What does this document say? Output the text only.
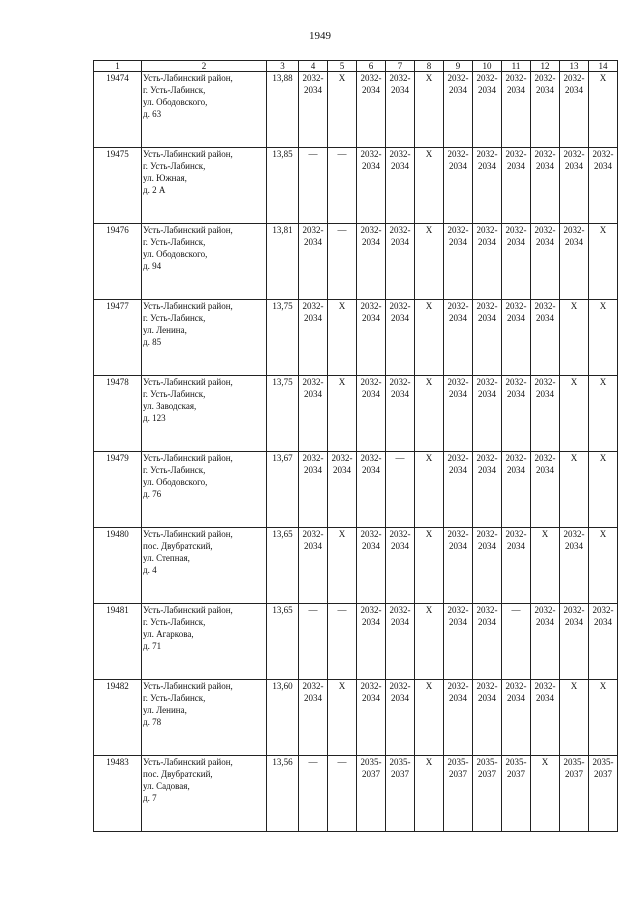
1949
1	2	3	4	5	6	7	8	9	10	11	12	13	14
19474	Усть-Лабинский район,
г. Усть-Лабинск,
ул. Ободовского,
д. 63	13,88	2032-
2034	Х	2032-
2034	2032-
2034	Х	2032-
2034	2032-
2034	2032-
2034	2032-
2034	2032-
2034	Х
19475	Усть-Лабинский район,
г. Усть-Лабинск,
ул. Южная,
д. 2 А	13,85	—	—	2032-
2034	2032-
2034	Х	2032-
2034	2032-
2034	2032-
2034	2032-
2034	2032-
2034	2032-
2034

19476	Усть-Лабинский район,
г. Усть-Лабинск,
ул. Ободовского,
д. 94	13,81	2032-
2034	—	2032-
2034	2032-
2034	Х	2032-
2034	2032-
2034	2032-
2034	2032-
2034	2032-
2034	Х
19477	Усть-Лабинский район,
г. Усть-Лабинск,
ул. Ленина,
д. 85	13,75	2032-
2034	Х	2032-
2034	2032-
2034	Х	2032-
2034	2032-
2034	2032-
2034	2032-
2034	Х	Х
19478	Усть-Лабинский район,
г. Усть-Лабинск,
ул. Заводская,
д. 123	13,75	2032-
2034	Х	2032-
2034	2032-
2034	Х	2032-
2034	2032-
2034	2032-
2034	2032-
2034	Х	Х
19479	Усть-Лабинский район,
г. Усть-Лабинск,
ул. Ободовского,
д. 76	13,67	2032-
2034	2032-
2034	2032-
2034	—	Х	2032-
2034	2032-
2034	2032-
2034	2032-
2034	Х	Х
19480	Усть-Лабинский район,
пос. Двубратский,
ул. Степная,
д. 4	13,65	2032-
2034	Х	2032-
2034	2032-
2034	Х	2032-
2034	2032-
2034	2032-
2034	Х	2032-
2034	Х
19481	Усть-Лабинский район,
г. Усть-Лабинск,
ул. Агаркова,
д. 71	13,65	—	—	2032-
2034	2032-
2034	Х	2032-
2034	2032-
2034	—	2032-
2034	2032-
2034	2032-
2034

19482	Усть-Лабинский район,
г. Усть-Лабинск,
ул. Ленина,
д. 78	13,60	2032-
2034	Х	2032-
2034	2032-
2034	Х	2032-
2034	2032-
2034	2032-
2034	2032-
2034	Х	Х
19483	Усть-Лабинский район,
пос. Двубратский,
ул. Садовая,
д. 7	13,56	—	—	2035-
2037	2035-
2037	Х	2035-
2037	2035-
2037	2035-
2037	Х	2035-
2037	2035-
2037
